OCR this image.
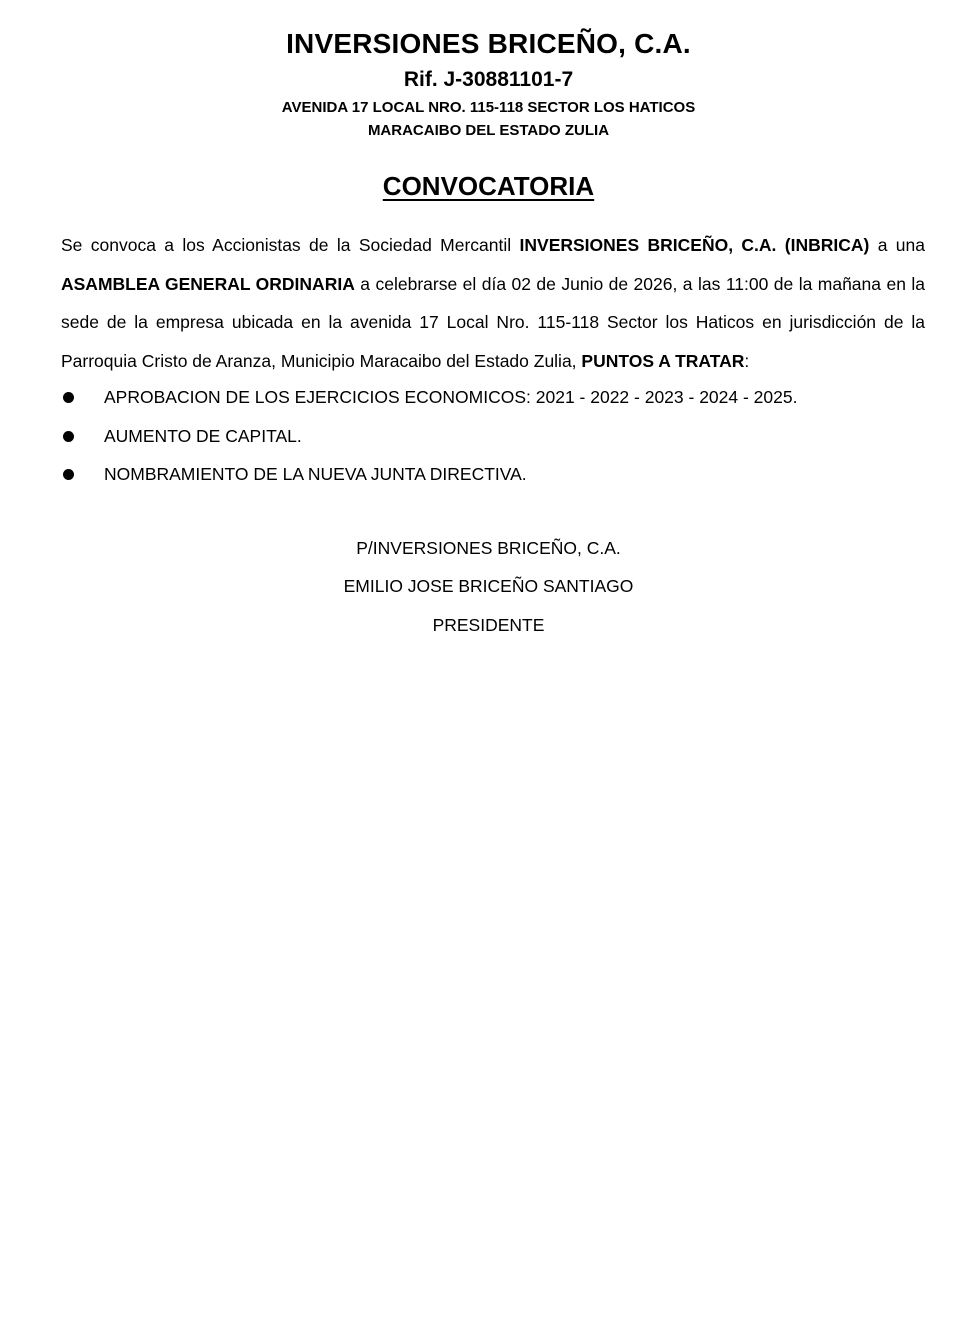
INVERSIONES BRICEÑO, C.A.
Rif. J-30881101-7
AVENIDA 17 LOCAL NRO. 115-118 SECTOR LOS HATICOS
MARACAIBO DEL ESTADO ZULIA
CONVOCATORIA

Se convoca a los Accionistas de la Sociedad Mercantil INVERSIONES BRICEÑO, C.A. (INBRICA) a una ASAMBLEA GENERAL ORDINARIA a celebrarse el día 02 de Junio de 2026, a las 11:00 de la mañana en la sede de la empresa ubicada en la avenida 17 Local Nro. 115-118 Sector los Haticos en jurisdicción de la Parroquia Cristo de Aranza, Municipio Maracaibo del Estado Zulia, PUNTOS A TRATAR:

APROBACION DE LOS EJERCICIOS ECONOMICOS: 2021 - 2022 - 2023 - 2024 - 2025.
AUMENTO DE CAPITAL.
NOMBRAMIENTO DE LA NUEVA JUNTA DIRECTIVA.
P/INVERSIONES BRICEÑO, C.A.
EMILIO JOSE BRICEÑO SANTIAGO
PRESIDENTE
